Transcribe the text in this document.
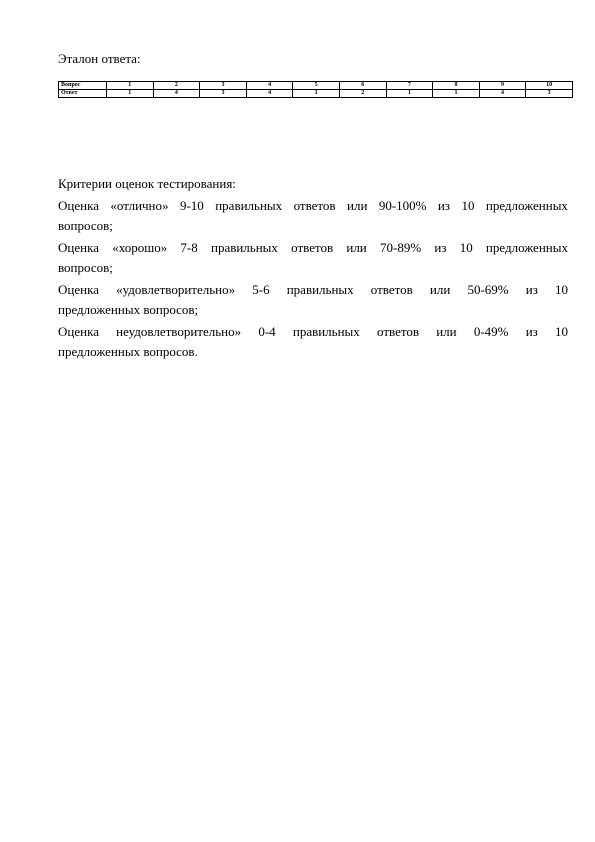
Эталон ответа:

Вопрос	1	2	3	4	5	6	7	8	9	10
Ответ	1	4	3	4	1	2	1	1	4	3

Критерии оценок тестирования:

Оценка «отлично» 9-10 правильных ответов или 90-100% из 10 предложенных
вопросов;

Оценка «хорошо» 7-8 правильных ответов или 70-89% из 10 предложенных
вопросов;

Оценка «удовлетворительно» 5-6 правильных ответов или 50-69% из 10
предложенных вопросов;

Оценка неудовлетворительно» 0-4 правильных ответов или 0-49% из 10
предложенных вопросов.
